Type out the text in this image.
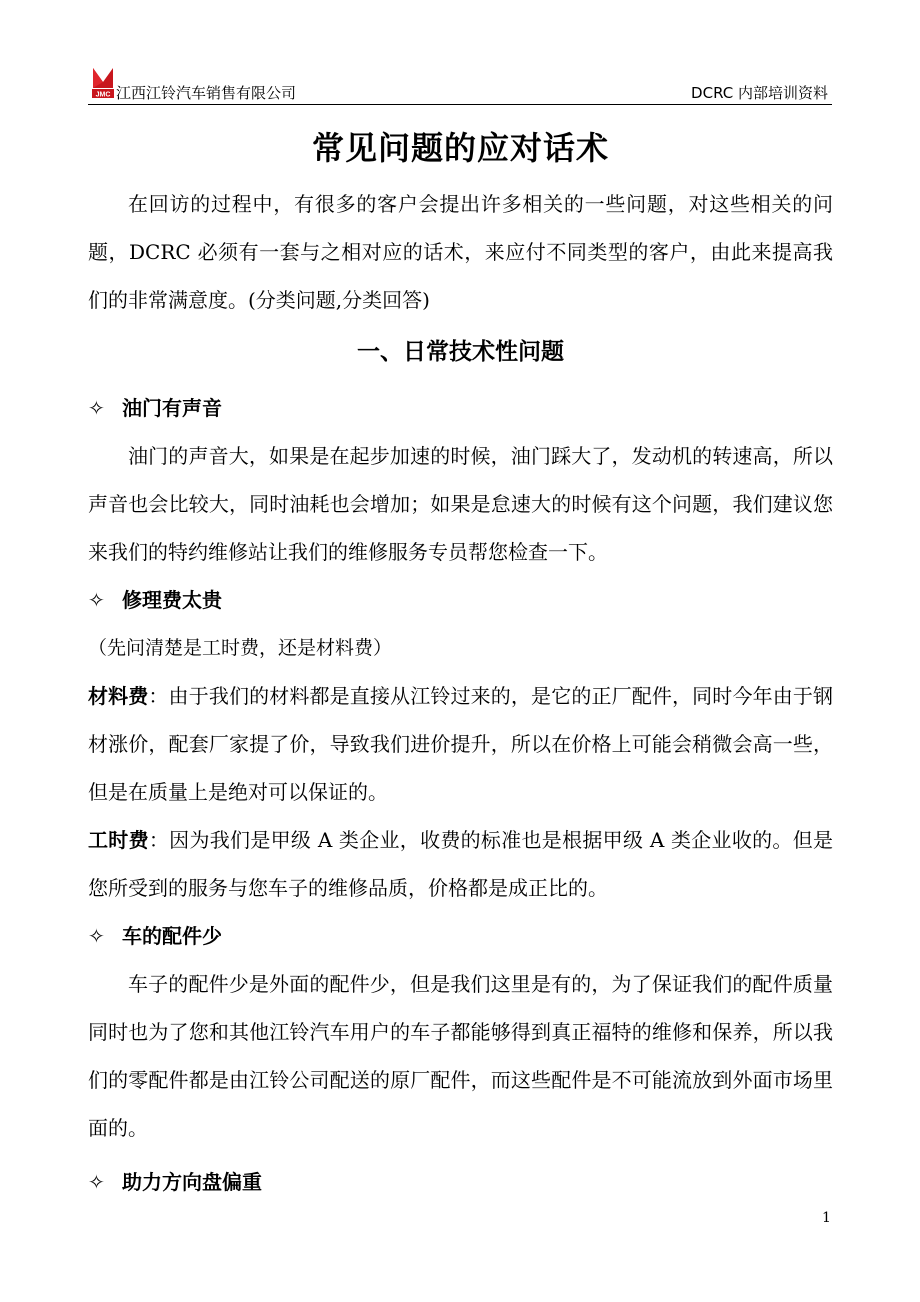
JMC 江西江铃汽车销售有限公司	DCRC 内部培训资料
常见问题的应对话术

在回访的过程中，有很多的客户会提出许多相关的一些问题，对这些相关的问题，DCRC 必须有一套与之相对应的话术，来应付不同类型的客户，由此来提高我们的非常满意度。(分类问题,分类回答)

一、日常技术性问题

✧ 油门有声音

油门的声音大，如果是在起步加速的时候，油门踩大了，发动机的转速高，所以声音也会比较大，同时油耗也会增加；如果是怠速大的时候有这个问题，我们建议您来我们的特约维修站让我们的维修服务专员帮您检查一下。

✧ 修理费太贵

（先问清楚是工时费，还是材料费）

材料费：由于我们的材料都是直接从江铃过来的，是它的正厂配件，同时今年由于钢材涨价，配套厂家提了价，导致我们进价提升，所以在价格上可能会稍微会高一些，但是在质量上是绝对可以保证的。

工时费：因为我们是甲级 A 类企业，收费的标准也是根据甲级 A 类企业收的。但是您所受到的服务与您车子的维修品质，价格都是成正比的。

✧ 车的配件少

车子的配件少是外面的配件少，但是我们这里是有的，为了保证我们的配件质量同时也为了您和其他江铃汽车用户的车子都能够得到真正福特的维修和保养，所以我们的零配件都是由江铃公司配送的原厂配件，而这些配件是不可能流放到外面市场里面的。

✧ 助力方向盘偏重

1
